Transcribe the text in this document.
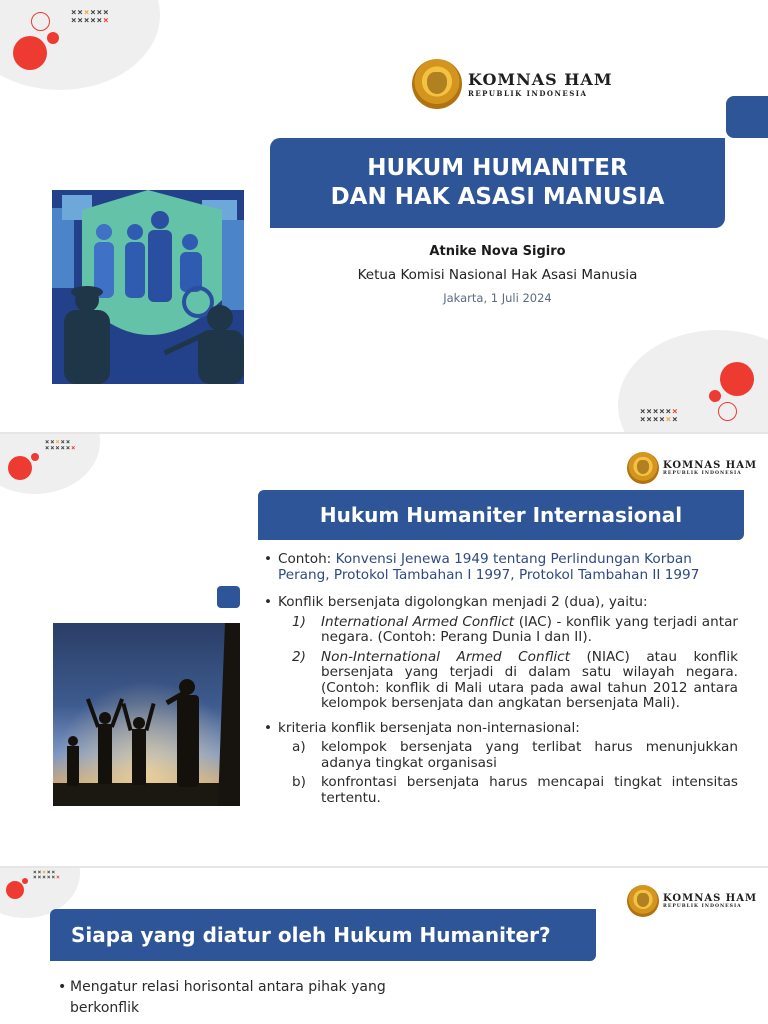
××××××
××××××
KOMNAS HAM
REPUBLIK INDONESIA
HUKUM HUMANITER
DAN HAK ASASI MANUSIA
Atnike Nova Sigiro
Ketua Komisi Nasional Hak Asasi Manusia
Jakarta, 1 Juli 2024
××××××
××××××
×××××
××××××
KOMNAS HAM
REPUBLIK INDONESIA
Hukum Humaniter Internasional
• Contoh: Konvensi Jenewa 1949 tentang Perlindungan Korban Perang, Protokol Tambahan I 1997, Protokol Tambahan II 1997
• Konflik bersenjata digolongkan menjadi 2 (dua), yaitu:
1) International Armed Conflict (IAC) - konflik yang terjadi antar negara. (Contoh: Perang Dunia I dan II).
2) Non-International Armed Conflict (NIAC) atau konflik bersenjata yang terjadi di dalam satu wilayah negara. (Contoh: konflik di Mali utara pada awal tahun 2012 antara kelompok bersenjata dan angkatan bersenjata Mali).
• kriteria konflik bersenjata non-internasional:
a) kelompok bersenjata yang terlibat harus menunjukkan adanya tingkat organisasi
b) konfrontasi bersenjata harus mencapai tingkat intensitas tertentu.
×××××
××××××
KOMNAS HAM
REPUBLIK INDONESIA
Siapa yang diatur oleh Hukum Humaniter?
• Mengatur relasi horisontal antara pihak yang berkonflik
